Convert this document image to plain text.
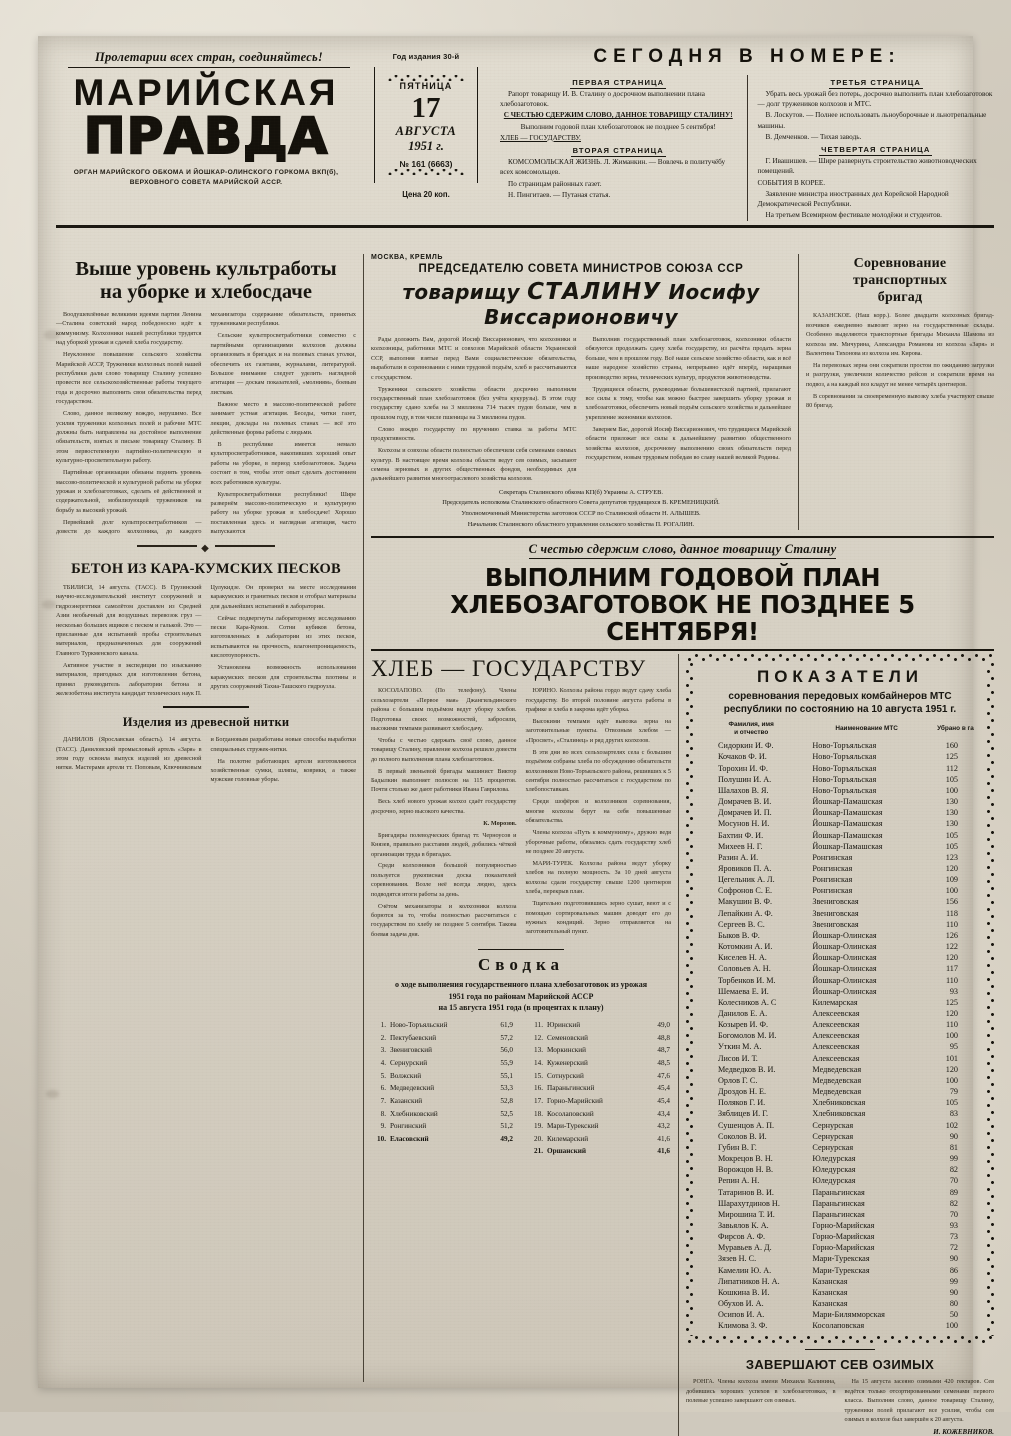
Пролетарии всех стран, соединяйтесь!
МАРИЙСКАЯ
ПРАВДА
ОРГАН МАРИЙСКОГО ОБКОМА И ЙОШКАР-ОЛИНСКОГО ГОРКОМА ВКП(б),
ВЕРХОВНОГО СОВЕТА МАРИЙСКОЙ АССР.
Год издания 30-й
ПЯТНИЦА
17
АВГУСТА
1951 г.
№ 161 (6663)
Цена 20 коп.
СЕГОДНЯ В НОМЕРЕ:
ПЕРВАЯ СТРАНИЦА
Рапорт товарищу И. В. Сталину о досрочном выполнении плана хлебозаготовок.
С ЧЕСТЬЮ СДЕРЖИМ СЛОВО, ДАННОЕ ТОВАРИЩУ СТАЛИНУ!
Выполним годовой план хлебозаготовок не позднее 5 сентября!
ХЛЕБ — ГОСУДАРСТВУ.
ВТОРАЯ СТРАНИЦА
КОМСОМОЛЬСКАЯ ЖИЗНЬ. Л. Жиманкин. — Вовлечь в политучёбу всех комсомольцев.
По страницам районных газет.
Н. Пингитаев. — Путаная статья.
ТРЕТЬЯ СТРАНИЦА
Убрать весь урожай без потерь, досрочно выполнить план хлебозаготовок — долг тружеников колхозов и МТС.
В. Лоскутов. — Полнее использовать льноуборочные и льнотрепальные машины.
В. Демченков. — Тихая заводь.
ЧЕТВЕРТАЯ СТРАНИЦА
Г. Ивашишев. — Шире развернуть строительство животноводческих помещений.
СОБЫТИЯ В КОРЕЕ.
Заявление министра иностранных дел Корейской Народной Демократической Республики.
На третьем Всемирном фестивале молодёжи и студентов.
Выше уровень культработы
на уборке и хлебосдаче

Воодушевлённые великими идеями партии Ленина—Сталина советский народ победоносно идёт к коммунизму. Колхозники нашей республики трудятся над уборкой урожая и сдачей хлеба государству.

Неуклонное повышение сельского хозяйства Марийской АССР, Труженики колхозных полей нашей республики дали слово товарищу Сталину успешно провести все сельскохозяйственные работы текущего года и досрочно выполнить свои обязательства перед государством.

Слово, данное великому вождю, нерушимо. Все усилия труженики колхозных полей и рабочие МТС должны быть направлены на достойное выполнение обязательств, взятых в письме товарищу Сталину. В этом первостепенную партийно-политическую и культурно-просветительную работу.

Партийные организации обязаны поднять уровень массово-политической и культурной работы на уборке урожая и хлебозаготовках, сделать её действенной и содержательной, мобилизующей тружеников на борьбу за высокий урожай.

Первейший долг культпросветработников — довести до каждого колхозника, до каждого механизатора содержание обязательств, принятых тружениками республики.

Сельские культпросветработники совместно с партийными организациями колхозов должны организовать в бригадах и на полевых станах уголки, обеспечить их газетами, журналами, литературой. Большое внимание следует уделить наглядной агитации — доскам показателей, «молниям», боевым листкам.

Важное место в массово-политической работе занимает устная агитация. Беседы, читки газет, лекции, доклады на полевых станах — всё это действенные формы работы с людьми.

В республике имеется немало культпросветработников, накопивших хороший опыт работы на уборке, в период хлебозаготовок. Задача состоит в том, чтобы этот опыт сделать достоянием всех работников культуры.

Культпросветработники республики! Шире развернём массово-политическую и культурную работу на уборке урожая и хлебосдаче! Хорошо поставленная здесь и наглядная агитация, часто выпускаются

◆
БЕТОН ИЗ КАРА-КУМСКИХ ПЕСКОВ

ТБИЛИСИ, 14 августа. (ТАСС). В Грузинский научно-исследовательский институт сооружений и гидроэнергетики самолётом доставлен из Средней Азии необычный для воздушных перевозок груз — несколько больших ящиков с песком и галькой. Это — присланные для испытаний пробы строительных материалов, предназначенных для сооружений Главного Туркменского канала.

Активное участие в экспедиции по изысканию материалов, пригодных для изготовления бетона, принял руководитель лаборатории бетона и железобетона института кандидат технических наук П. Цулукидзе. Он проверил на месте исследования каракумских и гранитных песков и отобрал материалы для дальнейших испытаний в лаборатории.

Сейчас подвергнуты лабораторному исследованию пески Кара-Кумов. Сотни кубиков бетона, изготовленных в лаборатории из этих песков, испытываются на прочность, влагонепроницаемость, кислотоупорность.

Установлена возможность использования каракумских песков для строительства плотины и других сооружений Тахиа-Ташского гидроузла.

Изделия из древесной нитки

ДАНИЛОВ (Ярославская область). 14 августа. (ТАСС). Даниловский промысловый артель «Заря» в этом году освоила выпуск изделий из древесной нитки. Мастерами артели тт. Поповым, Ключниковым и Богдановым разработаны новые способы выработки специальных стружек-нитки.

На полотне работающих артели изготовляются хозяйственные сумки, шляпы, коврики, а также мужские головные уборы.

МОСКВА, КРЕМЛЬ
ПРЕДСЕДАТЕЛЮ СОВЕТА МИНИСТРОВ СОЮЗА ССР
товарищу СТАЛИНУ Иосифу Виссарионовичу

Рады доложить Вам, дорогой Иосиф Виссарионович, что колхозники и колхозницы, работники МТС и совхозов Марийской области Украинской ССР, выполняя взятые перед Вами социалистические обязательства, выработали в соревновании с ними трудовой подъём, хлеб и рассчитываются с государством.

Труженики сельского хозяйства области досрочно выполнили государственный план хлебозаготовок (без учёта кукурузы). В этом году государству сдано хлеба на 3 миллиона 714 тысяч пудов больше, чем в прошлом году, в том числе пшеницы на 3 миллиона пудов.

Слово вождю государству по вручению ставка за работы МТС продуктивности.

Колхозы и совхозы области полностью обеспечили себя семенами озимых культур. В настоящее время колхозы области ведут сев озимых, засыпают семена зерновых и других общественных фондов, необходимых для дальнейшего развития многоотраслевого хозяйства колхозов.

Выполнив государственный план хлебозаготовок, колхозники области обязуются продолжать сдачу хлеба государству, из расчёта продать зерна больше, чем в прошлом году. Всё наше сельское хозяйство области, как и всё наше народное хозяйство страны, непрерывно идёт вперёд, наращивая производство зерна, технических культур, продуктов животноводства.

Трудящиеся области, руководимые большевистской партией, прилагают все силы к тому, чтобы как можно быстрее завершить уборку урожая и хлебозаготовки, обеспечить новый подъём сельского хозяйства и дальнейшее укрепление экономики колхозов.

Заверяем Вас, дорогой Иосиф Виссарионович, что трудящиеся Марийской области приложат все силы к дальнейшему развитию общественного хозяйства колхозов, досрочному выполнению своих обязательств перед государством, новым трудовым победам во славу нашей великой Родины.

Секретарь Сталинского обкома КП(б) Украины А. СТРУЕВ.
Председатель исполкома Сталинского областного Совета депутатов трудящихся В. КРЕМЕНИЦКИЙ.
Уполномоченный Министерства заготовок СССР по Сталинской области Н. АЛЫШЕВ.
Начальник Сталинского областного управления сельского хозяйства П. РОГАЛИН.
Соревнование
транспортных
бригад

КАЗАНСКОЕ. (Наш корр.). Более двадцати колхозных бригад-возчиков ежедневно вывозят зерно на государственные склады. Особенно выделяются транспортные бригады Михаила Шамова из колхоза им. Мичурина, Александра Романова из колхоза «Заря» и Валентина Тихонова из колхоза им. Кирова.

На перевозках зерна они сократили простои по ожиданию загрузки и разгрузки, увеличили количество рейсов и сократили время на подвоз, а на каждый воз кладут не менее четырёх центнеров.

В соревновании за своевременную вывозку хлеба участвуют свыше 80 бригад.

С честью сдержим слово, данное товарищу Сталину
ВЫПОЛНИМ ГОДОВОЙ ПЛАН ХЛЕБОЗАГОТОВОК НЕ ПОЗДНЕЕ 5 СЕНТЯБРЯ!
ХЛЕБ — ГОСУДАРСТВУ

КОСОЛАПОВО. (По телефону). Члены сельхозартели «Первое мая» Джангильдинского района с большим подъёмом ведут уборку хлебов. Подготовка своих возможностей, забросили, высокими темпами развивают хлебосдачу.

Чтобы с честью сдержать своё слово, данное товарищу Сталину, правление колхоза решило довести до полного выполнения плана хлебозаготовок.

В первый звеньевой бригады машинист Виктор Бадылкин выполняет полюсов на 115 процентов. Почти столько же дают работники Ивана Гаврилова.

Весь хлеб нового урожая колхоз сдаёт государству досрочно, зерно высокого качества.

К. Морозов.

Бригадиры полеводческих бригад тт. Черноусов и Князев, правильно расставив людей, добились чёткой организации труда в бригадах.

Среди колхозников большой популярностью пользуется рукописная доска показателей соревнования. Возле неё всегда людно, здесь подводятся итоги работы за день.

Счётом механизаторы и колхозники колхоза борются за то, чтобы полностью рассчитаться с государством по хлебу не позднее 5 сентября. Такова боевая задача дня.

ЮРИНО. Колхозы района гордо ведут сдачу хлеба государству. Во второй половине августа работы в графике и хлеба в закрома идёт уборка.

Высокими темпами идёт вывозка зерна на заготовительные пункты. Отвозным хлебом — «Просвет», «Сталинец» и ряд других колхозов.

В эти дни во всех сельхозартелях села с большим подъёмом собраны хлеба по обсуждению обязательств колхозников Ново-Торъяльского района, решивших к 5 сентября полностью рассчитаться с государством по хлебопоставкам.

Среди шофёров и колхозников соревнования, многие колхозы берут на себя повышенные обязательства.

Члены колхоза «Путь к коммунизму», дружно ведя уборочные работы, обязались сдать государству хлеб не позднее 20 августа.

МАРИ-ТУРЕК. Колхозы района ведут уборку хлебов на полную мощность. За 10 дней августа колхозы сдали государству свыше 1200 центнеров хлеба, перекрыв план.

Тщательно подготовившись зерно сушат, веют и с помощью сортировальных машин доводят его до нужных кондиций. Зерно отправляется на заготовительный пункт.

Сводка
о ходе выполнения государственного плана хлебозаготовок из урожая
1951 года по районам Марийской АССР
на 15 августа 1951 года (в процентах к плану)
1.	Ново-Торъяльский	61,9
2.	Пектубаевский	57,2
3.	Звениговский	56,0
4.	Сернурский	55,9
5.	Волжский	55,1
6.	Медведевский	53,3
7.	Казанский	52,8
8.	Хлебниковский	52,5
9.	Ронгинский	51,2
10.	Еласовский	49,2
11.	Юринский	49,0
12.	Семеновский	48,8
13.	Моркинский	48,7
14.	Куженерский	48,5
15.	Сотнурский	47,6
16.	Параньгинский	45,4
17.	Горно-Марийский	45,4
18.	Косолаповский	43,4
19.	Мари-Турекский	43,2
20.	Килемарский	41,6
21.	Оршанский	41,6
ПОКАЗАТЕЛИ
соревнования передовых комбайнеров МТС
республики по состоянию на 10 августа 1951 г.
Фамилия, имя
и отчество	Наименование МТС	Убрано в га
Сидоркин И. Ф.	Ново-Торъяльская	160
Кочаков Ф. И.	Ново-Торъяльская	125
Торохин И. Ф.	Ново-Торъяльская	112
Полушин И. А.	Ново-Торъяльская	105
Шалахов В. Я.	Ново-Торъяльская	100
Домрачев В. И.	Йошкар-Памашская	130
Домрачев И. П.	Йошкар-Памашская	130
Мосунов Н. И.	Йошкар-Памашская	130
Бахтин Ф. И.	Йошкар-Памашская	105
Михеев Н. Г.	Йошкар-Памашская	105
Разин А. И.	Ронгинская	123
Яровиков П. А.	Ронгинская	120
Цегельник А. Л.	Ронгинская	109
Софронов С. Е.	Ронгинская	100
Макушин В. Ф.	Звениговская	156
Лепайкин А. Ф.	Звениговская	118
Сергеев В. С.	Звениговская	110
Быков В. Ф.	Йошкар-Олинская	126
Котомкин А. И.	Йошкар-Олинская	122
Киселев Н. А.	Йошкар-Олинская	120
Соловьев А. Н.	Йошкар-Олинская	117
Торбенков И. М.	Йошкар-Олинская	110
Шемаева Е. И.	Йошкар-Олинская	93
Колесников А. С	Килемарская	125
Данилов Е. А.	Алексеевская	120
Козырев И. Ф.	Алексеевская	110
Богомолов М. И.	Алексеевская	100
Уткин М. А.	Алексеевская	95
Лисов И. Т.	Алексеевская	101
Медведков В. И.	Медведевская	120
Орлов Г. С.	Медведевская	100
Дроздов Н. Е.	Медведевская	79
Поляков Г. И.	Хлебниковская	105
Зяблицев И. Г.	Хлебниковская	83
Сушенцов А. П.	Сернурская	102
Соколов В. И.	Сернурская	90
Губин В. Г.	Сернурская	81
Мокрецов В. Н.	Юледурская	99
Ворожцов Н. В.	Юледурская	82
Репин А. Н.	Юледурская	70
Татаринов В. И.	Параньгинская	89
Шарахутдинов Н.	Параньгинская	82
Мирошина Т. И.	Параньгинская	70
Завьялов К. А.	Горно-Марийская	93
Фирсов А. Ф.	Горно-Марийская	73
Муравьев А. Д.	Горно-Марийская	72
Зязев Н. С.	Мари-Турекская	90
Камелин Ю. А.	Мари-Турекская	86
Липатников Н. А.	Казанская	99
Кошкина В. И.	Казанская	90
Обухов И. А.	Казанская	80
Осипов И. А.	Мари-Билямморская	50
Климова З. Ф.	Косолаповская	100
ЗАВЕРШАЮТ СЕВ ОЗИМЫХ

РОНГА. Члены колхоза имени Михаила Калинина, добившись хороших успехов в хлебозаготовках, в полевые успешно завершают сев озимых.

На 15 августа засеяно озимыми 420 гектаров. Сев ведётся только отсортированными семенами первого класса. Выполняя слово, данное товарищу Сталину, труженики полей прилагают все усилия, чтобы сев озимых в колхозе был завершён к 20 августа.

И. КОЖЕВНИКОВ.
